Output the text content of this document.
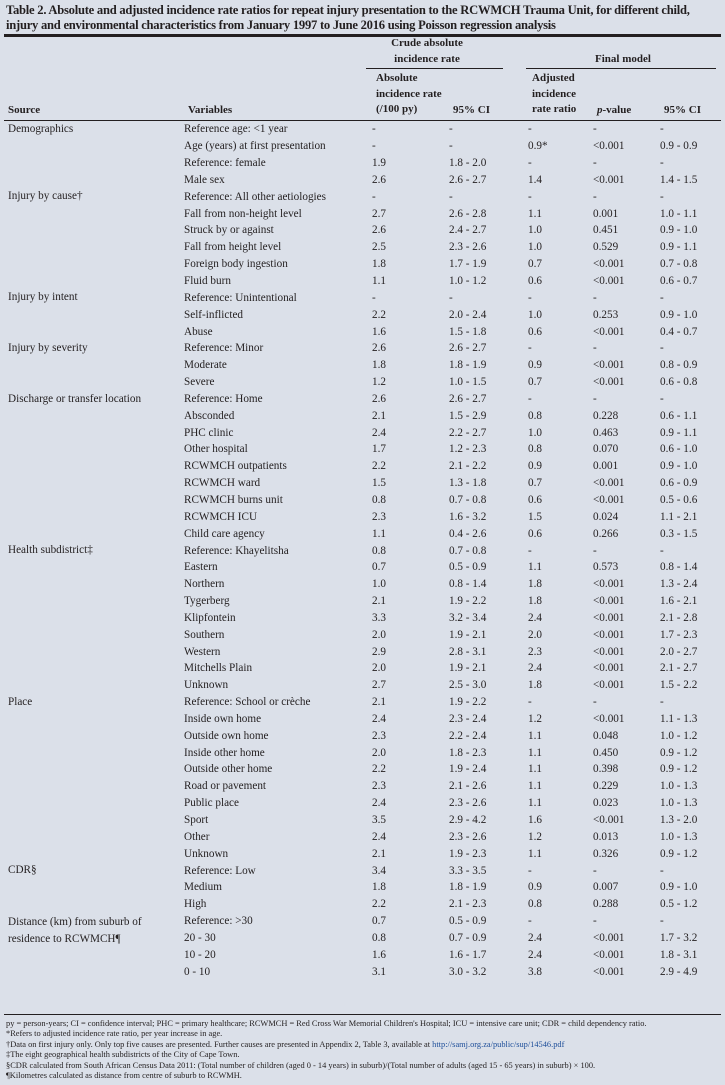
Table 2. Absolute and adjusted incidence rate ratios for repeat injury presentation to the RCWMCH Trauma Unit, for different child, injury and environmental characteristics from January 1997 to June 2016 using Poisson regression analysis
Crude absolute incidence rate	Final model
Source	Variables
Absolute incidence rate (/100 py)	95% CI
Adjusted incidence rate ratio	p-value	95% CI
Demographics	Reference age: <1 year	-	-	-	-	-
	Age (years) at first presentation	-	-	0.9*	<0.001	0.9 - 0.9
	Reference: female	1.9	1.8 - 2.0	-	-	-
	Male sex	2.6	2.6 - 2.7	1.4	<0.001	1.4 - 1.5
Injury by cause†	Reference: All other aetiologies	-	-	-	-	-
	Fall from non-height level	2.7	2.6 - 2.8	1.1	0.001	1.0 - 1.1
	Struck by or against	2.6	2.4 - 2.7	1.0	0.451	0.9 - 1.0
	Fall from height level	2.5	2.3 - 2.6	1.0	0.529	0.9 - 1.1
	Foreign body ingestion	1.8	1.7 - 1.9	0.7	<0.001	0.7 - 0.8
	Fluid burn	1.1	1.0 - 1.2	0.6	<0.001	0.6 - 0.7
Injury by intent	Reference: Unintentional	-	-	-	-	-
	Self-inflicted	2.2	2.0 - 2.4	1.0	0.253	0.9 - 1.0
	Abuse	1.6	1.5 - 1.8	0.6	<0.001	0.4 - 0.7
Injury by severity	Reference: Minor	2.6	2.6 - 2.7	-	-	-
	Moderate	1.8	1.8 - 1.9	0.9	<0.001	0.8 - 0.9
	Severe	1.2	1.0 - 1.5	0.7	<0.001	0.6 - 0.8
Discharge or transfer location	Reference: Home	2.6	2.6 - 2.7	-	-	-
	Absconded	2.1	1.5 - 2.9	0.8	0.228	0.6 - 1.1
	PHC clinic	2.4	2.2 - 2.7	1.0	0.463	0.9 - 1.1
	Other hospital	1.7	1.2 - 2.3	0.8	0.070	0.6 - 1.0
	RCWMCH outpatients	2.2	2.1 - 2.2	0.9	0.001	0.9 - 1.0
	RCWMCH ward	1.5	1.3 - 1.8	0.7	<0.001	0.6 - 0.9
	RCWMCH burns unit	0.8	0.7 - 0.8	0.6	<0.001	0.5 - 0.6
	RCWMCH ICU	2.3	1.6 - 3.2	1.5	0.024	1.1 - 2.1
	Child care agency	1.1	0.4 - 2.6	0.6	0.266	0.3 - 1.5
Health subdistrict‡	Reference: Khayelitsha	0.8	0.7 - 0.8	-	-	-
	Eastern	0.7	0.5 - 0.9	1.1	0.573	0.8 - 1.4
	Northern	1.0	0.8 - 1.4	1.8	<0.001	1.3 - 2.4
	Tygerberg	2.1	1.9 - 2.2	1.8	<0.001	1.6 - 2.1
	Klipfontein	3.3	3.2 - 3.4	2.4	<0.001	2.1 - 2.8
	Southern	2.0	1.9 - 2.1	2.0	<0.001	1.7 - 2.3
	Western	2.9	2.8 - 3.1	2.3	<0.001	2.0 - 2.7
	Mitchells Plain	2.0	1.9 - 2.1	2.4	<0.001	2.1 - 2.7
	Unknown	2.7	2.5 - 3.0	1.8	<0.001	1.5 - 2.2
Place	Reference: School or crèche	2.1	1.9 - 2.2	-	-	-
	Inside own home	2.4	2.3 - 2.4	1.2	<0.001	1.1 - 1.3
	Outside own home	2.3	2.2 - 2.4	1.1	0.048	1.0 - 1.2
	Inside other home	2.0	1.8 - 2.3	1.1	0.450	0.9 - 1.2
	Outside other home	2.2	1.9 - 2.4	1.1	0.398	0.9 - 1.2
	Road or pavement	2.3	2.1 - 2.6	1.1	0.229	1.0 - 1.3
	Public place	2.4	2.3 - 2.6	1.1	0.023	1.0 - 1.3
	Sport	3.5	2.9 - 4.2	1.6	<0.001	1.3 - 2.0
	Other	2.4	2.3 - 2.6	1.2	0.013	1.0 - 1.3
	Unknown	2.1	1.9 - 2.3	1.1	0.326	0.9 - 1.2
CDR§	Reference: Low	3.4	3.3 - 3.5	-	-	-
	Medium	1.8	1.8 - 1.9	0.9	0.007	0.9 - 1.0
	High	2.2	2.1 - 2.3	0.8	0.288	0.5 - 1.2

Distance (km) from suburb of residence to RCWMCH¶	Reference: >30	0.7	0.5 - 0.9	-	-	-
	20 - 30	0.8	0.7 - 0.9	2.4	<0.001	1.7 - 3.2
	10 - 20	1.6	1.6 - 1.7	2.4	<0.001	1.8 - 3.1
	0 - 10	3.1	3.0 - 3.2	3.8	<0.001	2.9 - 4.9
py = person-years; CI = confidence interval; PHC = primary healthcare; RCWMCH = Red Cross War Memorial Children's Hospital; ICU = intensive care unit; CDR = child dependency ratio.
*Refers to adjusted incidence rate ratio, per year increase in age.
†Data on first injury only. Only top five causes are presented. Further causes are presented in Appendix 2, Table 3, available at http://samj.org.za/public/sup/14546.pdf
‡The eight geographical health subdistricts of the City of Cape Town.
§CDR calculated from South African Census Data 2011: (Total number of children (aged 0 - 14 years) in suburb)/(Total number of adults (aged 15 - 65 years) in suburb) × 100.
¶Kilometres calculated as distance from centre of suburb to RCWMH.
